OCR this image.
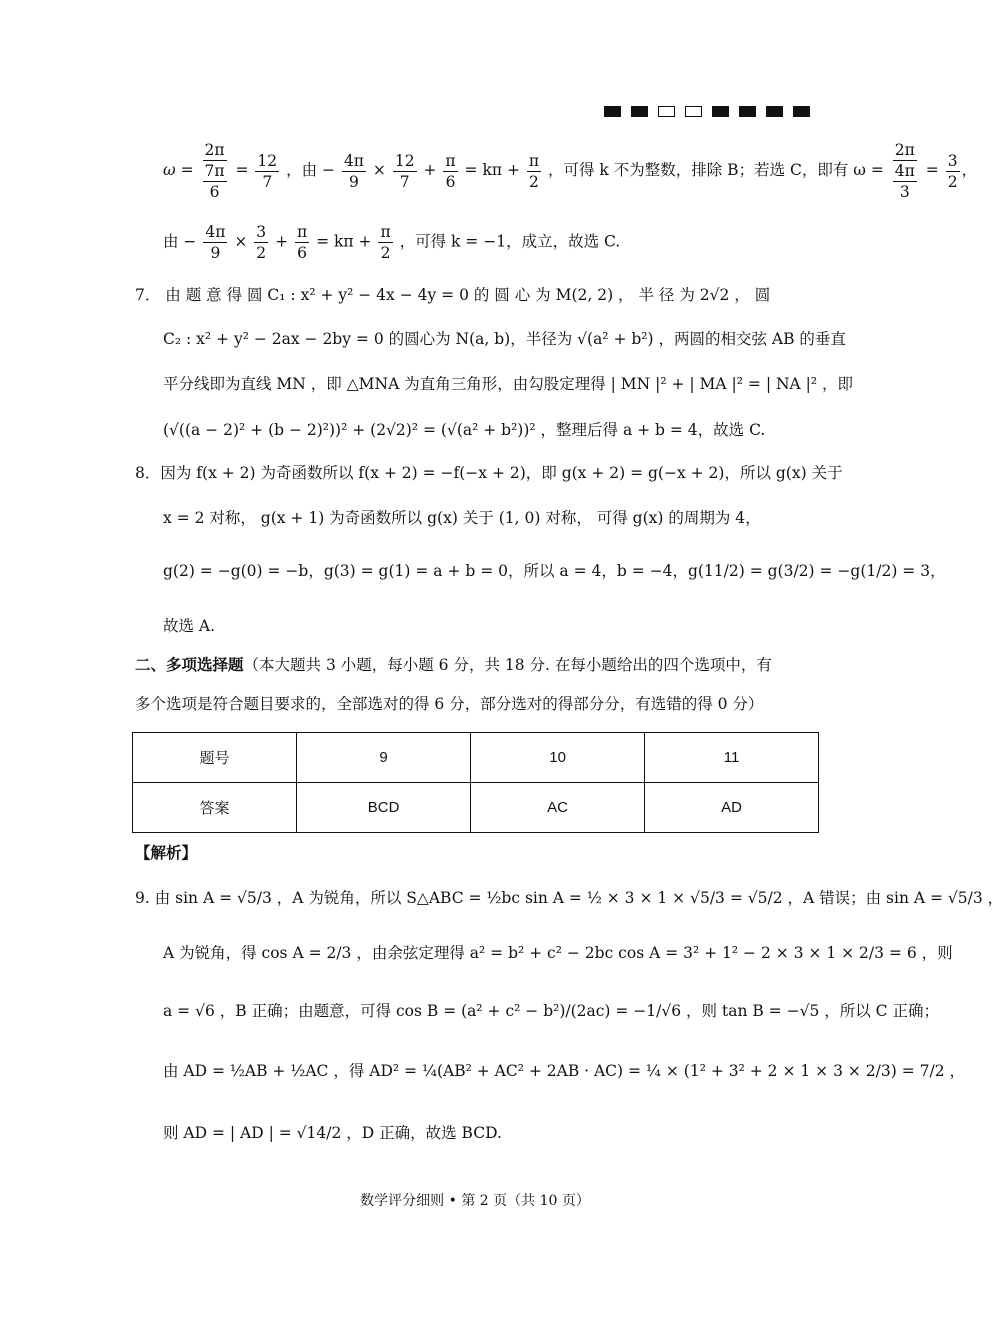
$\omega = \frac{2\pi}{\frac{7\pi}{6}} = \frac{12}{7}$ ，由 − $\frac{4\pi}{9} \times \frac{12}{7} + \frac{\pi}{6} = k\pi + \frac{\pi}{2}$ ，可得 k 不为整数，排除 B；若选 C，即有 $\omega = \frac{2\pi}{\frac{4\pi}{3}} = \frac{3}{2}$ ，
由 − $\frac{4\pi}{9} \times \frac{3}{2} + \frac{\pi}{6} = k\pi + \frac{\pi}{2}$ ，可得 k = −1，成立，故选 C.
7． 由 题 意 得 圆 C₁ : x² + y² − 4x − 4y = 0 的 圆 心 为 M(2, 2) ， 半 径 为 2√2 ， 圆
C₂ : x² + y² − 2ax − 2by = 0 的圆心为 N(a, b)，半径为 √(a² + b²) ，两圆的相交弦 AB 的垂直
平分线即为直线 MN ，即 △MNA 为直角三角形，由勾股定理得 | MN |² + | MA |² = | NA |² ，即
(√((a − 2)² + (b − 2)²))² + (2√2)² = (√(a² + b²))² ，整理后得 a + b = 4，故选 C.
8．因为 f(x + 2) 为奇函数所以 f(x + 2) = −f(−x + 2)，即 g(x + 2) = g(−x + 2)，所以 g(x) 关于
x = 2 对称， g(x + 1) 为奇函数所以 g(x) 关于 (1, 0) 对称， 可得 g(x) 的周期为 4，
g(2) = −g(0) = −b，g(3) = g(1) = a + b = 0，所以 a = 4，b = −4，g(11/2) = g(3/2) = −g(1/2) = 3，
故选 A.
二、多项选择题（本大题共 3 小题，每小题 6 分，共 18 分. 在每小题给出的四个选项中，有
多个选项是符合题目要求的，全部选对的得 6 分，部分选对的得部分分，有选错的得 0 分）
题号	9	10	11
答案	BCD	AC	AD
【解析】
9. 由 sin A = √5/3 ，A 为锐角，所以 S△ABC = ½bc sin A = ½ × 3 × 1 × √5/3 = √5/2 ，A 错误；由 sin A = √5/3 ，
A 为锐角，得 cos A = 2/3 ，由余弦定理得 a² = b² + c² − 2bc cos A = 3² + 1² − 2 × 3 × 1 × 2/3 = 6 ，则
a = √6 ，B 正确；由题意，可得 cos B = (a² + c² − b²)/(2ac) = −1/√6 ，则 tan B = −√5 ，所以 C 正确；
由 AD = ½AB + ½AC ，得 AD² = ¼(AB² + AC² + 2AB · AC) = ¼ × (1² + 3² + 2 × 1 × 3 × 2/3) = 7/2 ，
则 AD = | AD | = √14/2 ，D 正确，故选 BCD.
数学评分细则 • 第 2 页（共 10 页）
